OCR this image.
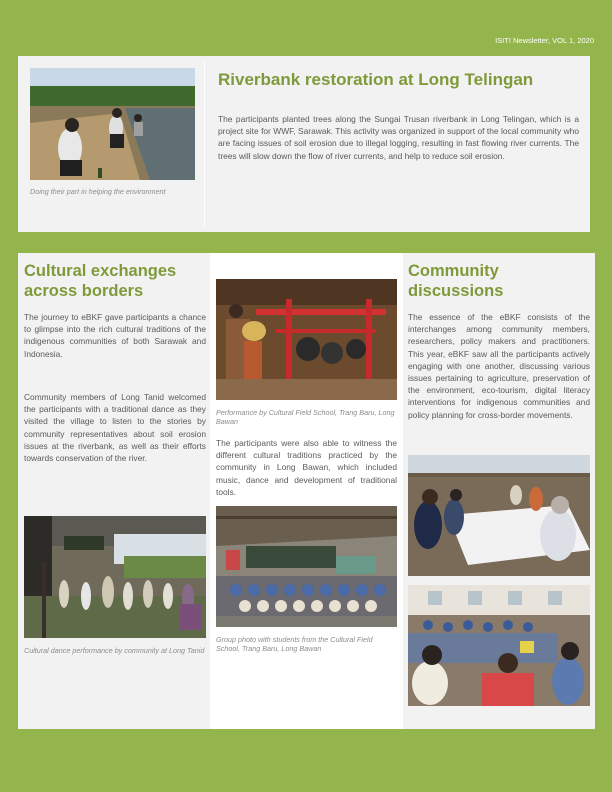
ISITI Newsletter, VOL 1, 2020
Doing their part in helping the environment
Riverbank restoration at Long Telingan
The participants planted trees along the Sungai Trusan riverbank in Long Telingan, which is a project site for WWF, Sarawak. This activity was organized in support of the local community who are facing issues of soil erosion due to illegal logging, resulting in fast flowing river currents. The trees will slow down the flow of river currents, and help to reduce soil erosion.
Cultural exchanges across borders
The journey to eBKF gave participants a chance to glimpse into the rich cultural traditions of the indigenous communities of both Sarawak and Indonesia.
Community members of Long Tanid welcomed the participants with a traditional dance as they visited the village to listen to the stories by community representatives about soil erosion issues at the riverbank, as well as their efforts towards conservation of the river.
Cultural dance performance by community at Long Tanid
Performance by Cultural Field School, Trang Baru, Long Bawan
The participants were also able to witness the different cultural traditions practiced by the community in Long Bawan, which included music, dance and development of traditional tools.
Group photo with students from the Cultural Field School, Trang Baru, Long Bawan
Community discussions
The essence of the eBKF consists of the interchanges among community members, researchers, policy makers and practitioners. This year, eBKF saw all the participants actively engaging with one another, discussing various issues pertaining to agriculture, preservation of the environment, eco-tourism, digital literacy interventions for indigenous communities and policy planning for cross-border movements.
